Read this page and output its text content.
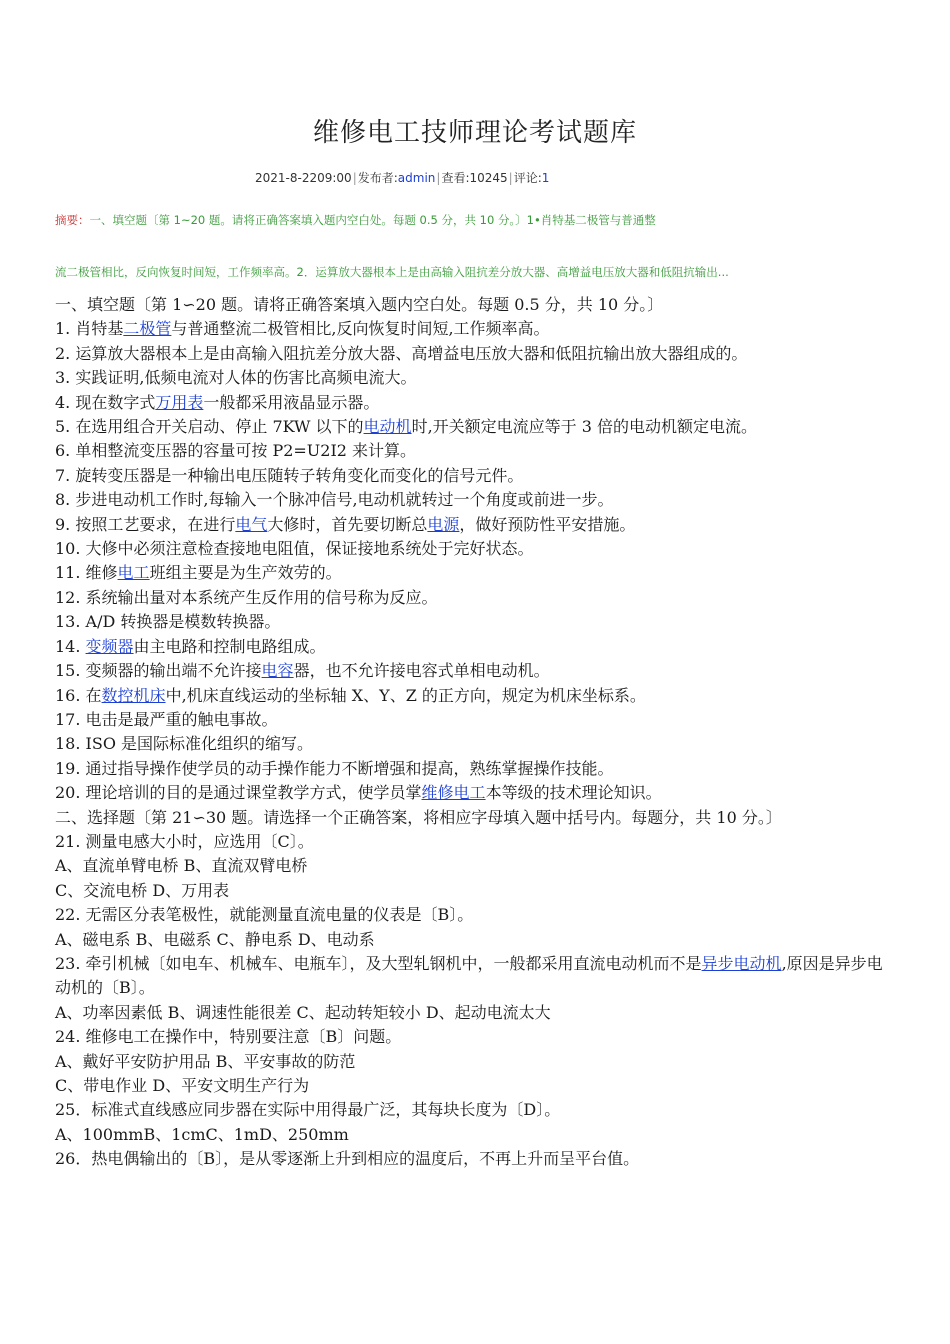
维修电工技师理论考试题库
2021-8-2209:00|发布者:admin|查看:10245|评论:1
摘要：一、填空题〔第 1~20 题。请将正确答案填入题内空白处。每题 0.5 分，共 10 分。〕1•肖特基二极管与普通整
流二极管相比，反向恢复时间短，工作频率高。2．运算放大器根本上是由高输入阻抗差分放大器、高增益电压放大器和低阻抗输出...
一、填空题〔第 1∽20 题。请将正确答案填入题内空白处。每题 0.5 分，共 10 分。〕
1. 肖特基二极管与普通整流二极管相比,反向恢复时间短,工作频率高。
2. 运算放大器根本上是由高输入阻抗差分放大器、高增益电压放大器和低阻抗输出放大器组成的。
3. 实践证明,低频电流对人体的伤害比高频电流大。
4. 现在数字式万用表一般都采用液晶显示器。
5. 在选用组合开关启动、停止 7KW 以下的电动机时,开关额定电流应等于 3 倍的电动机额定电流。
6. 单相整流变压器的容量可按 P2=U2I2 来计算。
7. 旋转变压器是一种输出电压随转子转角变化而变化的信号元件。
8. 步进电动机工作时,每输入一个脉冲信号,电动机就转过一个角度或前进一步。
9. 按照工艺要求，在进行电气大修时，首先要切断总电源，做好预防性平安措施。
10. 大修中必须注意检查接地电阻值，保证接地系统处于完好状态。
11. 维修电工班组主要是为生产效劳的。
12. 系统输出量对本系统产生反作用的信号称为反应。
13. A/D 转换器是模数转换器。
14. 变频器由主电路和控制电路组成。
15. 变频器的输出端不允许接电容器，也不允许接电容式单相电动机。
16. 在数控机床中,机床直线运动的坐标轴 X、Y、Z 的正方向，规定为机床坐标系。
17. 电击是最严重的触电事故。
18. ISO 是国际标准化组织的缩写。
19. 通过指导操作使学员的动手操作能力不断增强和提高，熟练掌握操作技能。
20. 理论培训的目的是通过课堂教学方式，使学员掌维修电工本等级的技术理论知识。
二、选择题〔第 21∽30 题。请选择一个正确答案，将相应字母填入题中括号内。每题分，共 10 分。〕
21. 测量电感大小时，应选用〔C〕。
A、直流单臂电桥 B、直流双臂电桥
C、交流电桥 D、万用表
22. 无需区分表笔极性，就能测量直流电量的仪表是〔B〕。
A、磁电系 B、电磁系 C、静电系 D、电动系
23. 牵引机械〔如电车、机械车、电瓶车〕，及大型轧钢机中，一般都采用直流电动机而不是异步电动机,原因是异步电动机的〔B〕。
A、功率因素低 B、调速性能很差 C、起动转矩较小 D、起动电流太大
24. 维修电工在操作中，特别要注意〔B〕问题。
A、戴好平安防护用品 B、平安事故的防范
C、带电作业 D、平安文明生产行为
25．标准式直线感应同步器在实际中用得最广泛，其每块长度为〔D〕。
A、100mmB、1cmC、1mD、250mm
26．热电偶输出的〔B〕，是从零逐渐上升到相应的温度后，不再上升而呈平台值。
